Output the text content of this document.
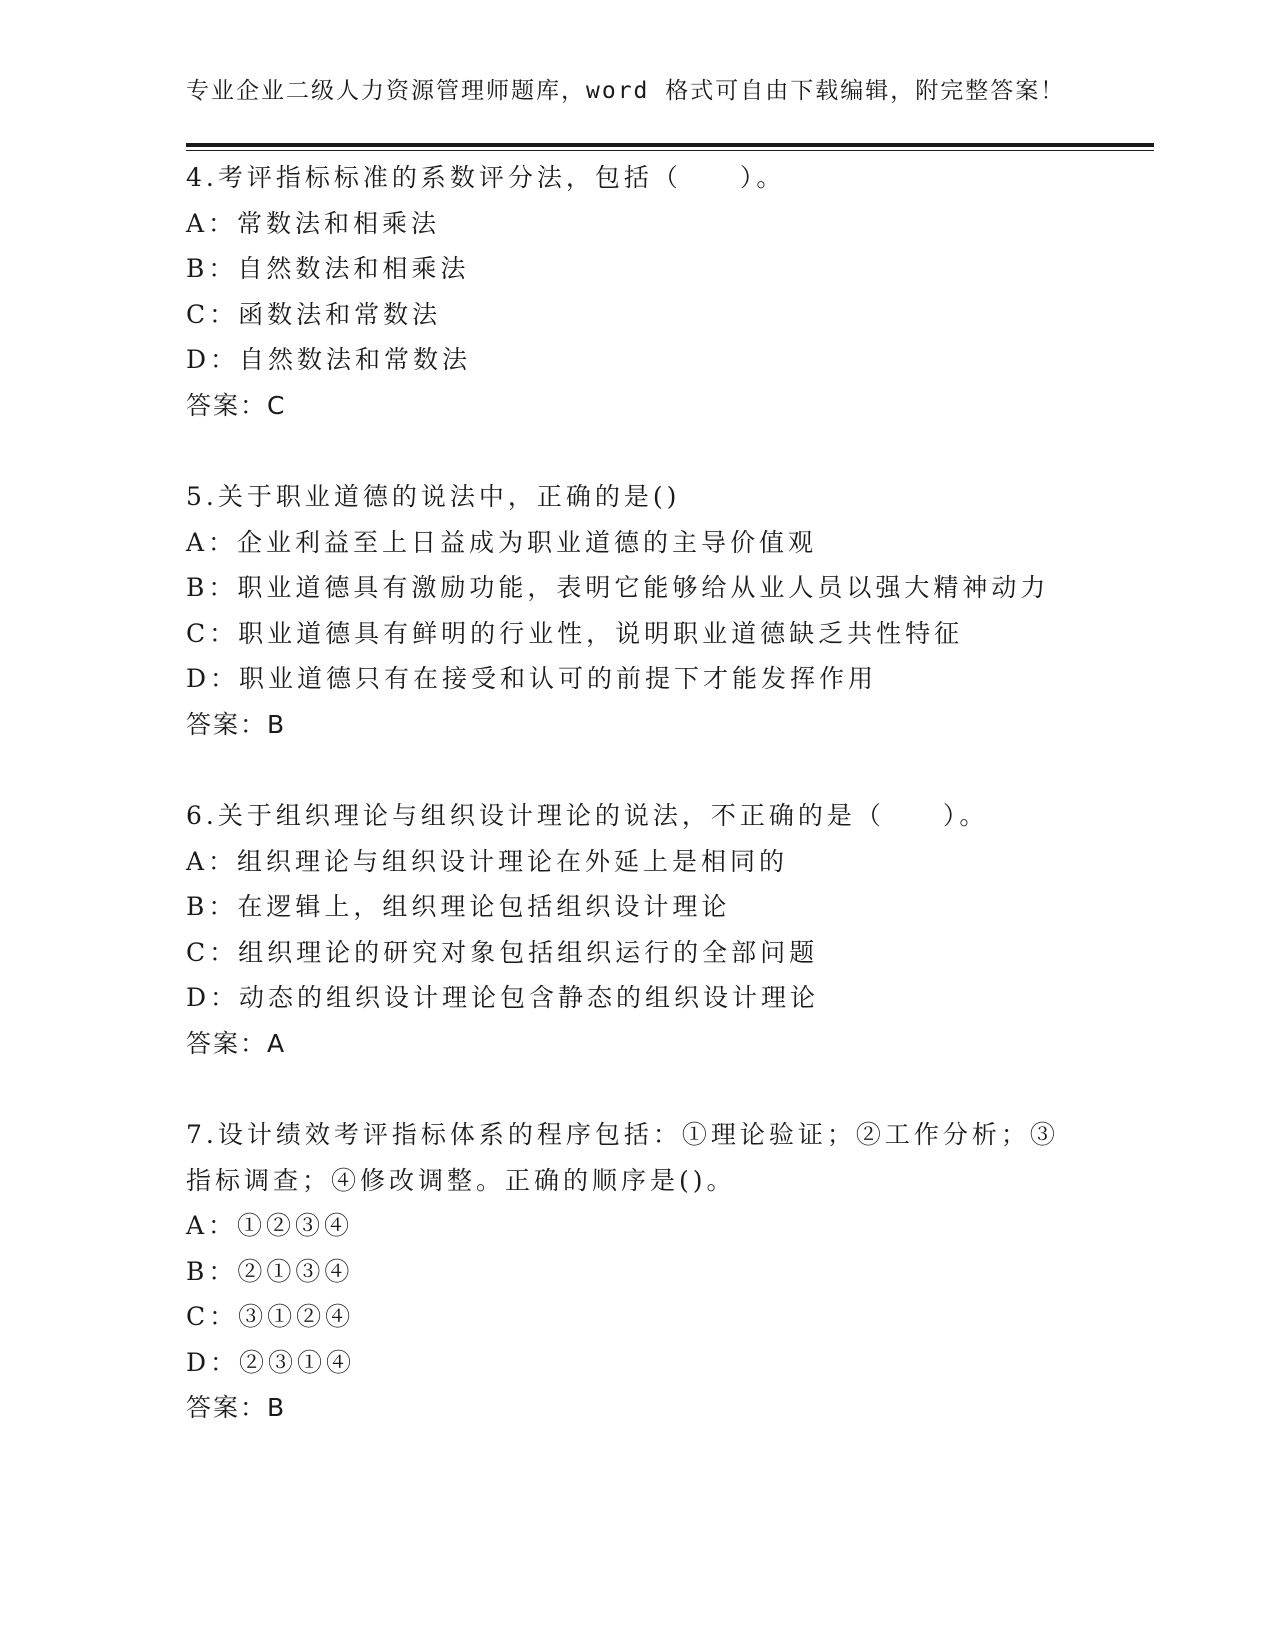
专业企业二级人力资源管理师题库，word 格式可自由下载编辑，附完整答案！
4.考评指标标准的系数评分法，包括（　　）。
A：常数法和相乘法
B：自然数法和相乘法
C：函数法和常数法
D：自然数法和常数法
答案：C
5.关于职业道德的说法中，正确的是()
A：企业利益至上日益成为职业道德的主导价值观
B：职业道德具有激励功能，表明它能够给从业人员以强大精神动力
C：职业道德具有鲜明的行业性，说明职业道德缺乏共性特征
D：职业道德只有在接受和认可的前提下才能发挥作用
答案：B
6.关于组织理论与组织设计理论的说法，不正确的是（　　）。
A：组织理论与组织设计理论在外延上是相同的
B：在逻辑上，组织理论包括组织设计理论
C：组织理论的研究对象包括组织运行的全部问题
D：动态的组织设计理论包含静态的组织设计理论
答案：A
7.设计绩效考评指标体系的程序包括：①理论验证；②工作分析；③
指标调查；④修改调整。正确的顺序是()。
A：①②③④
B：②①③④
C：③①②④
D：②③①④
答案：B
